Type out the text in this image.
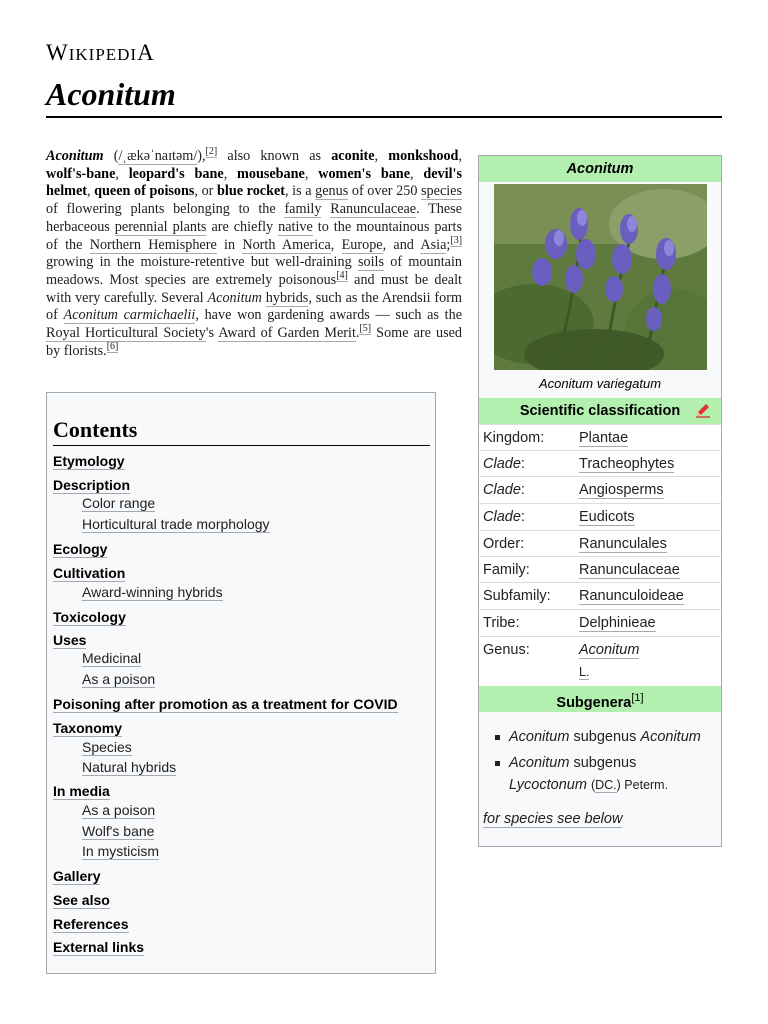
WIKIPEDIA
Aconitum
Aconitum (/ˌækəˈnaɪtəm/),[2] also known as aconite, monkshood, wolf's-bane, leopard's bane, mousebane, women's bane, devil's helmet, queen of poisons, or blue rocket, is a genus of over 250 species of flowering plants belonging to the family Ranunculaceae. These herbaceous perennial plants are chiefly native to the mountainous parts of the Northern Hemisphere in North America, Europe, and Asia;[3] growing in the moisture-retentive but well-draining soils of mountain meadows. Most species are extremely poisonous[4] and must be dealt with very carefully. Several Aconitum hybrids, such as the Arendsii form of Aconitum carmichaelii, have won gardening awards — such as the Royal Horticultural Society's Award of Garden Merit.[5] Some are used by florists.[6]
Contents
Etymology
Description
Color range
Horticultural trade morphology
Ecology
Cultivation
Award-winning hybrids
Toxicology
Uses
Medicinal
As a poison
Poisoning after promotion as a treatment for COVID
Taxonomy
Species
Natural hybrids
In media
As a poison
Wolf's bane
In mysticism
Gallery
See also
References
External links
Aconitum
Aconitum variegatum
Scientific classification
Kingdom: Plantae
Clade:	Tracheophytes
Clade:	Angiosperms
Clade:	Eudicots
Order:	Ranunculales
Family:	Ranunculaceae
Subfamily: Ranunculoideae
Tribe:	Delphinieae
Genus:	Aconitum
L.
Subgenera[1]
Aconitum subgenus Aconitum
Aconitum subgenus Lycoctonum (DC.) Peterm.
for species see below
